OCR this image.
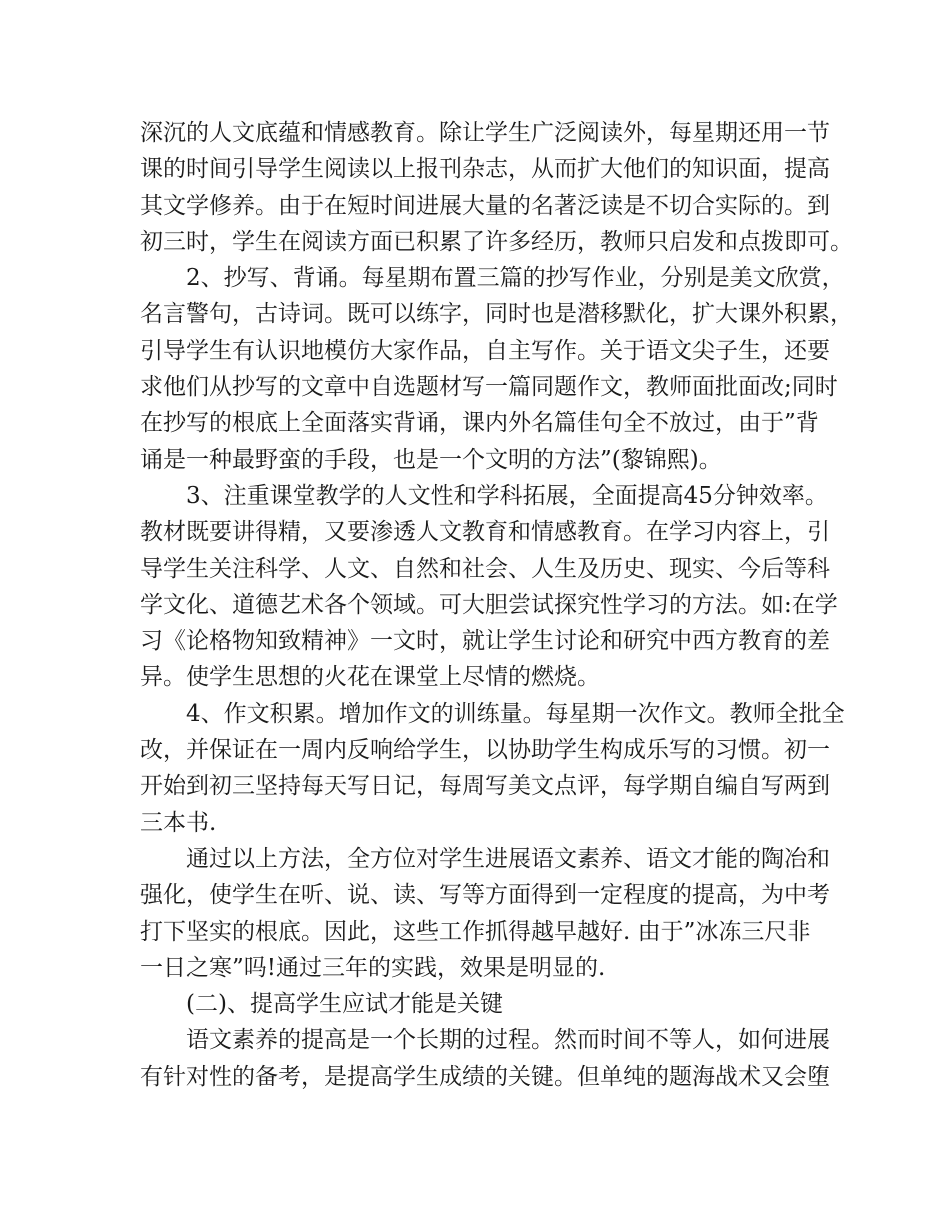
深沉的人文底蕴和情感教育。除让学生广泛阅读外，每星期还用一节
课的时间引导学生阅读以上报刊杂志，从而扩大他们的知识面，提高
其文学修养。由于在短时间进展大量的名著泛读是不切合实际的。到
初三时，学生在阅读方面已积累了许多经历，教师只启发和点拨即可。
2、抄写、背诵。每星期布置三篇的抄写作业，分别是美文欣赏，
名言警句，古诗词。既可以练字，同时也是潜移默化，扩大课外积累，
引导学生有认识地模仿大家作品，自主写作。关于语文尖子生，还要
求他们从抄写的文章中自选题材写一篇同题作文，教师面批面改;同时
在抄写的根底上全面落实背诵，课内外名篇佳句全不放过，由于”背
诵是一种最野蛮的手段，也是一个文明的方法”(黎锦熙)。
3、注重课堂教学的人文性和学科拓展，全面提高45分钟效率。
教材既要讲得精，又要渗透人文教育和情感教育。在学习内容上，引
导学生关注科学、人文、自然和社会、人生及历史、现实、今后等科
学文化、道德艺术各个领域。可大胆尝试探究性学习的方法。如:在学
习《论格物知致精神》一文时，就让学生讨论和研究中西方教育的差
异。使学生思想的火花在课堂上尽情的燃烧。
4、作文积累。增加作文的训练量。每星期一次作文。教师全批全
改，并保证在一周内反响给学生，以协助学生构成乐写的习惯。初一
开始到初三坚持每天写日记，每周写美文点评，每学期自编自写两到
三本书.
通过以上方法，全方位对学生进展语文素养、语文才能的陶冶和
强化，使学生在听、说、读、写等方面得到一定程度的提高，为中考
打下坚实的根底。因此，这些工作抓得越早越好. 由于”冰冻三尺非
一日之寒”吗!通过三年的实践，效果是明显的.
(二)、提高学生应试才能是关键
语文素养的提高是一个长期的过程。然而时间不等人，如何进展
有针对性的备考，是提高学生成绩的关键。但单纯的题海战术又会堕
